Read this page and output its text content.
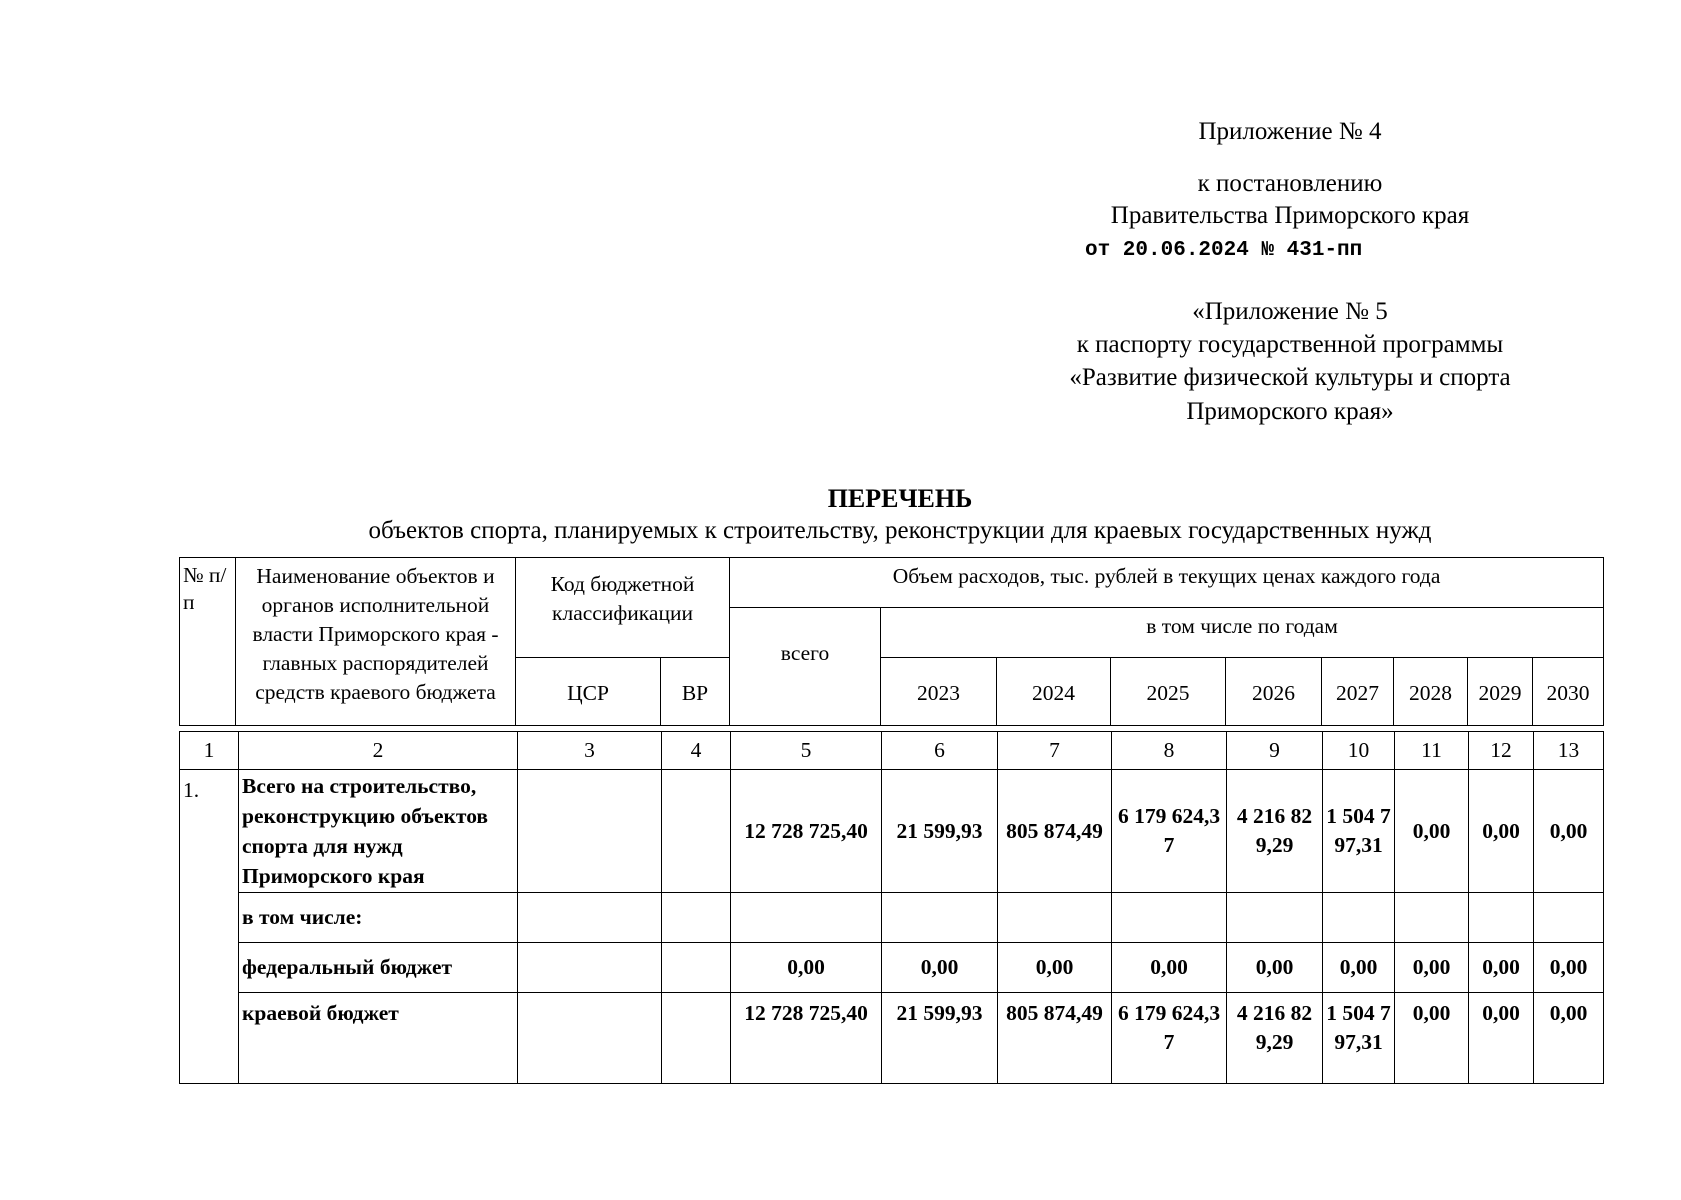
Приложение № 4
к постановлению
Правительства Приморского края
от 20.06.2024 № 431-пп
«Приложение № 5
к паспорту государственной программы
«Развитие физической культуры и спорта
Приморского края»
ПЕРЕЧЕНЬ
объектов спорта, планируемых к строительству, реконструкции для краевых государственных нужд
№ п/п	Наименование объектов и органов исполнительной власти Приморского края - главных распорядителей средств краевого бюджета	Код бюджетной классификации		Объем расходов, тыс. рублей в текущих ценах каждого года								
				всего	в том числе по годам							
		ЦСР	ВР		2023	2024	2025	2026	2027	2028	2029	2030
1	2	3	4	5	6	7	8	9	10	11	12	13
1.	Всего на строительство, реконструкцию объектов спорта для нужд Приморского края			12 728 725,40	21 599,93	805 874,49	6 179 624,37	4 216 829,29	1 504 797,31	0,00	0,00	0,00
	в том числе:											
	федеральный бюджет			0,00	0,00	0,00	0,00	0,00	0,00	0,00	0,00	0,00
	краевой бюджет			12 728 725,40	21 599,93	805 874,49	6 179 624,37	4 216 829,29	1 504 797,31	0,00	0,00	0,00
